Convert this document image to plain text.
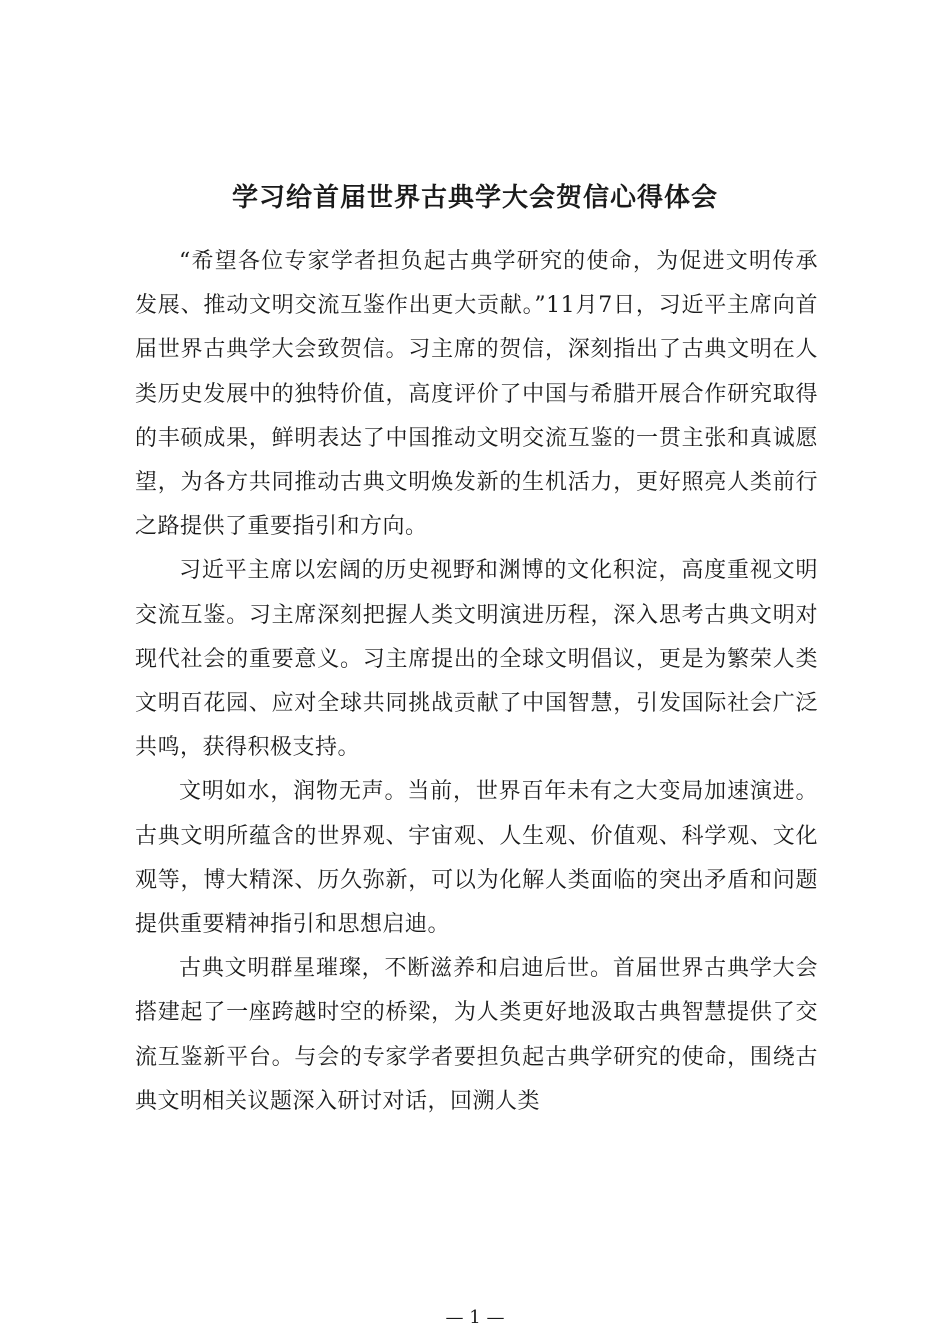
学习给首届世界古典学大会贺信心得体会

“希望各位专家学者担负起古典学研究的使命，为促进文明传承发展、推动文明交流互鉴作出更大贡献。”11月7日，习近平主席向首届世界古典学大会致贺信。习主席的贺信，深刻指出了古典文明在人类历史发展中的独特价值，高度评价了中国与希腊开展合作研究取得的丰硕成果，鲜明表达了中国推动文明交流互鉴的一贯主张和真诚愿望，为各方共同推动古典文明焕发新的生机活力，更好照亮人类前行之路提供了重要指引和方向。

习近平主席以宏阔的历史视野和渊博的文化积淀，高度重视文明交流互鉴。习主席深刻把握人类文明演进历程，深入思考古典文明对现代社会的重要意义。习主席提出的全球文明倡议，更是为繁荣人类文明百花园、应对全球共同挑战贡献了中国智慧，引发国际社会广泛共鸣，获得积极支持。

文明如水，润物无声。当前，世界百年未有之大变局加速演进。古典文明所蕴含的世界观、宇宙观、人生观、价值观、科学观、文化观等，博大精深、历久弥新，可以为化解人类面临的突出矛盾和问题提供重要精神指引和思想启迪。

古典文明群星璀璨，不断滋养和启迪后世。首届世界古典学大会搭建起了一座跨越时空的桥梁，为人类更好地汲取古典智慧提供了交流互鉴新平台。与会的专家学者要担负起古典学研究的使命，围绕古典文明相关议题深入研讨对话，回溯人类

— 1 —
